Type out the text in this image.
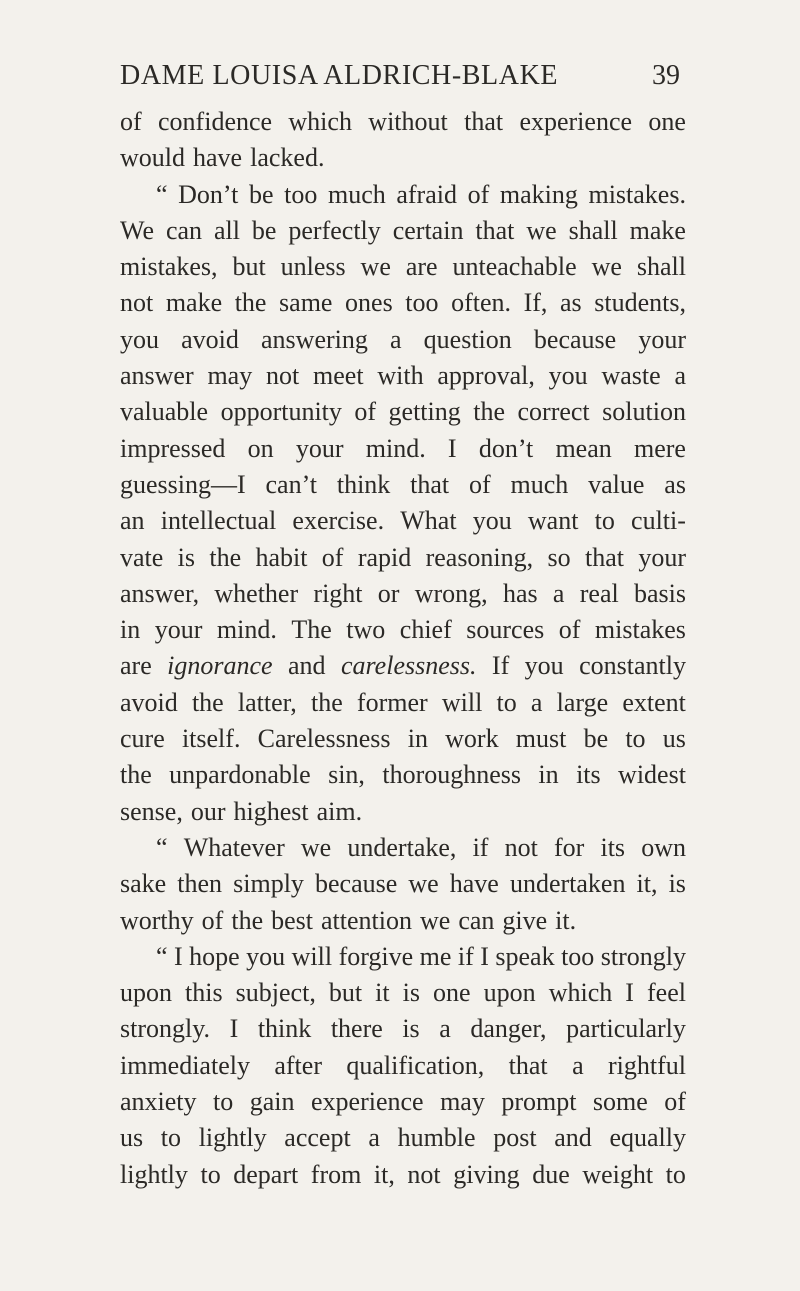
DAME LOUISA ALDRICH-BLAKE	39
of confidence which without that experience one
would have lacked.
“ Don’t be too much afraid of making mistakes.
We can all be perfectly certain that we shall make
mistakes, but unless we are unteachable we shall
not make the same ones too often. If, as students,
you avoid answering a question because your
answer may not meet with approval, you waste a
valuable opportunity of getting the correct solution
impressed on your mind. I don’t mean mere
guessing—I can’t think that of much value as
an intellectual exercise. What you want to culti-
vate is the habit of rapid reasoning, so that your
answer, whether right or wrong, has a real basis
in your mind. The two chief sources of mistakes
are ignorance and carelessness. If you constantly
avoid the latter, the former will to a large extent
cure itself. Carelessness in work must be to us
the unpardonable sin, thoroughness in its widest
sense, our highest aim.
“ Whatever we undertake, if not for its own
sake then simply because we have undertaken it, is
worthy of the best attention we can give it.
“ I hope you will forgive me if I speak too strongly
upon this subject, but it is one upon which I feel
strongly. I think there is a danger, particularly
immediately after qualification, that a rightful
anxiety to gain experience may prompt some of
us to lightly accept a humble post and equally
lightly to depart from it, not giving due weight to
